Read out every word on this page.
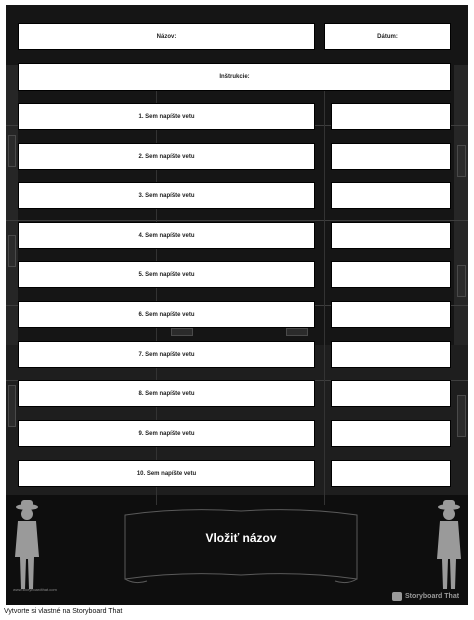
Názov:	Dátum:
Inštrukcie:
1. Sem napíšte vetu
2. Sem napíšte vetu
3. Sem napíšte vetu
4. Sem napíšte vetu
5. Sem napíšte vetu
6. Sem napíšte vetu
7. Sem napíšte vetu
8. Sem napíšte vetu
9. Sem napíšte vetu
10. Sem napíšte vetu
Vložiť názov
www.storyboardthat.com
Storyboard That
Vytvorte si vlastné na Storyboard That
